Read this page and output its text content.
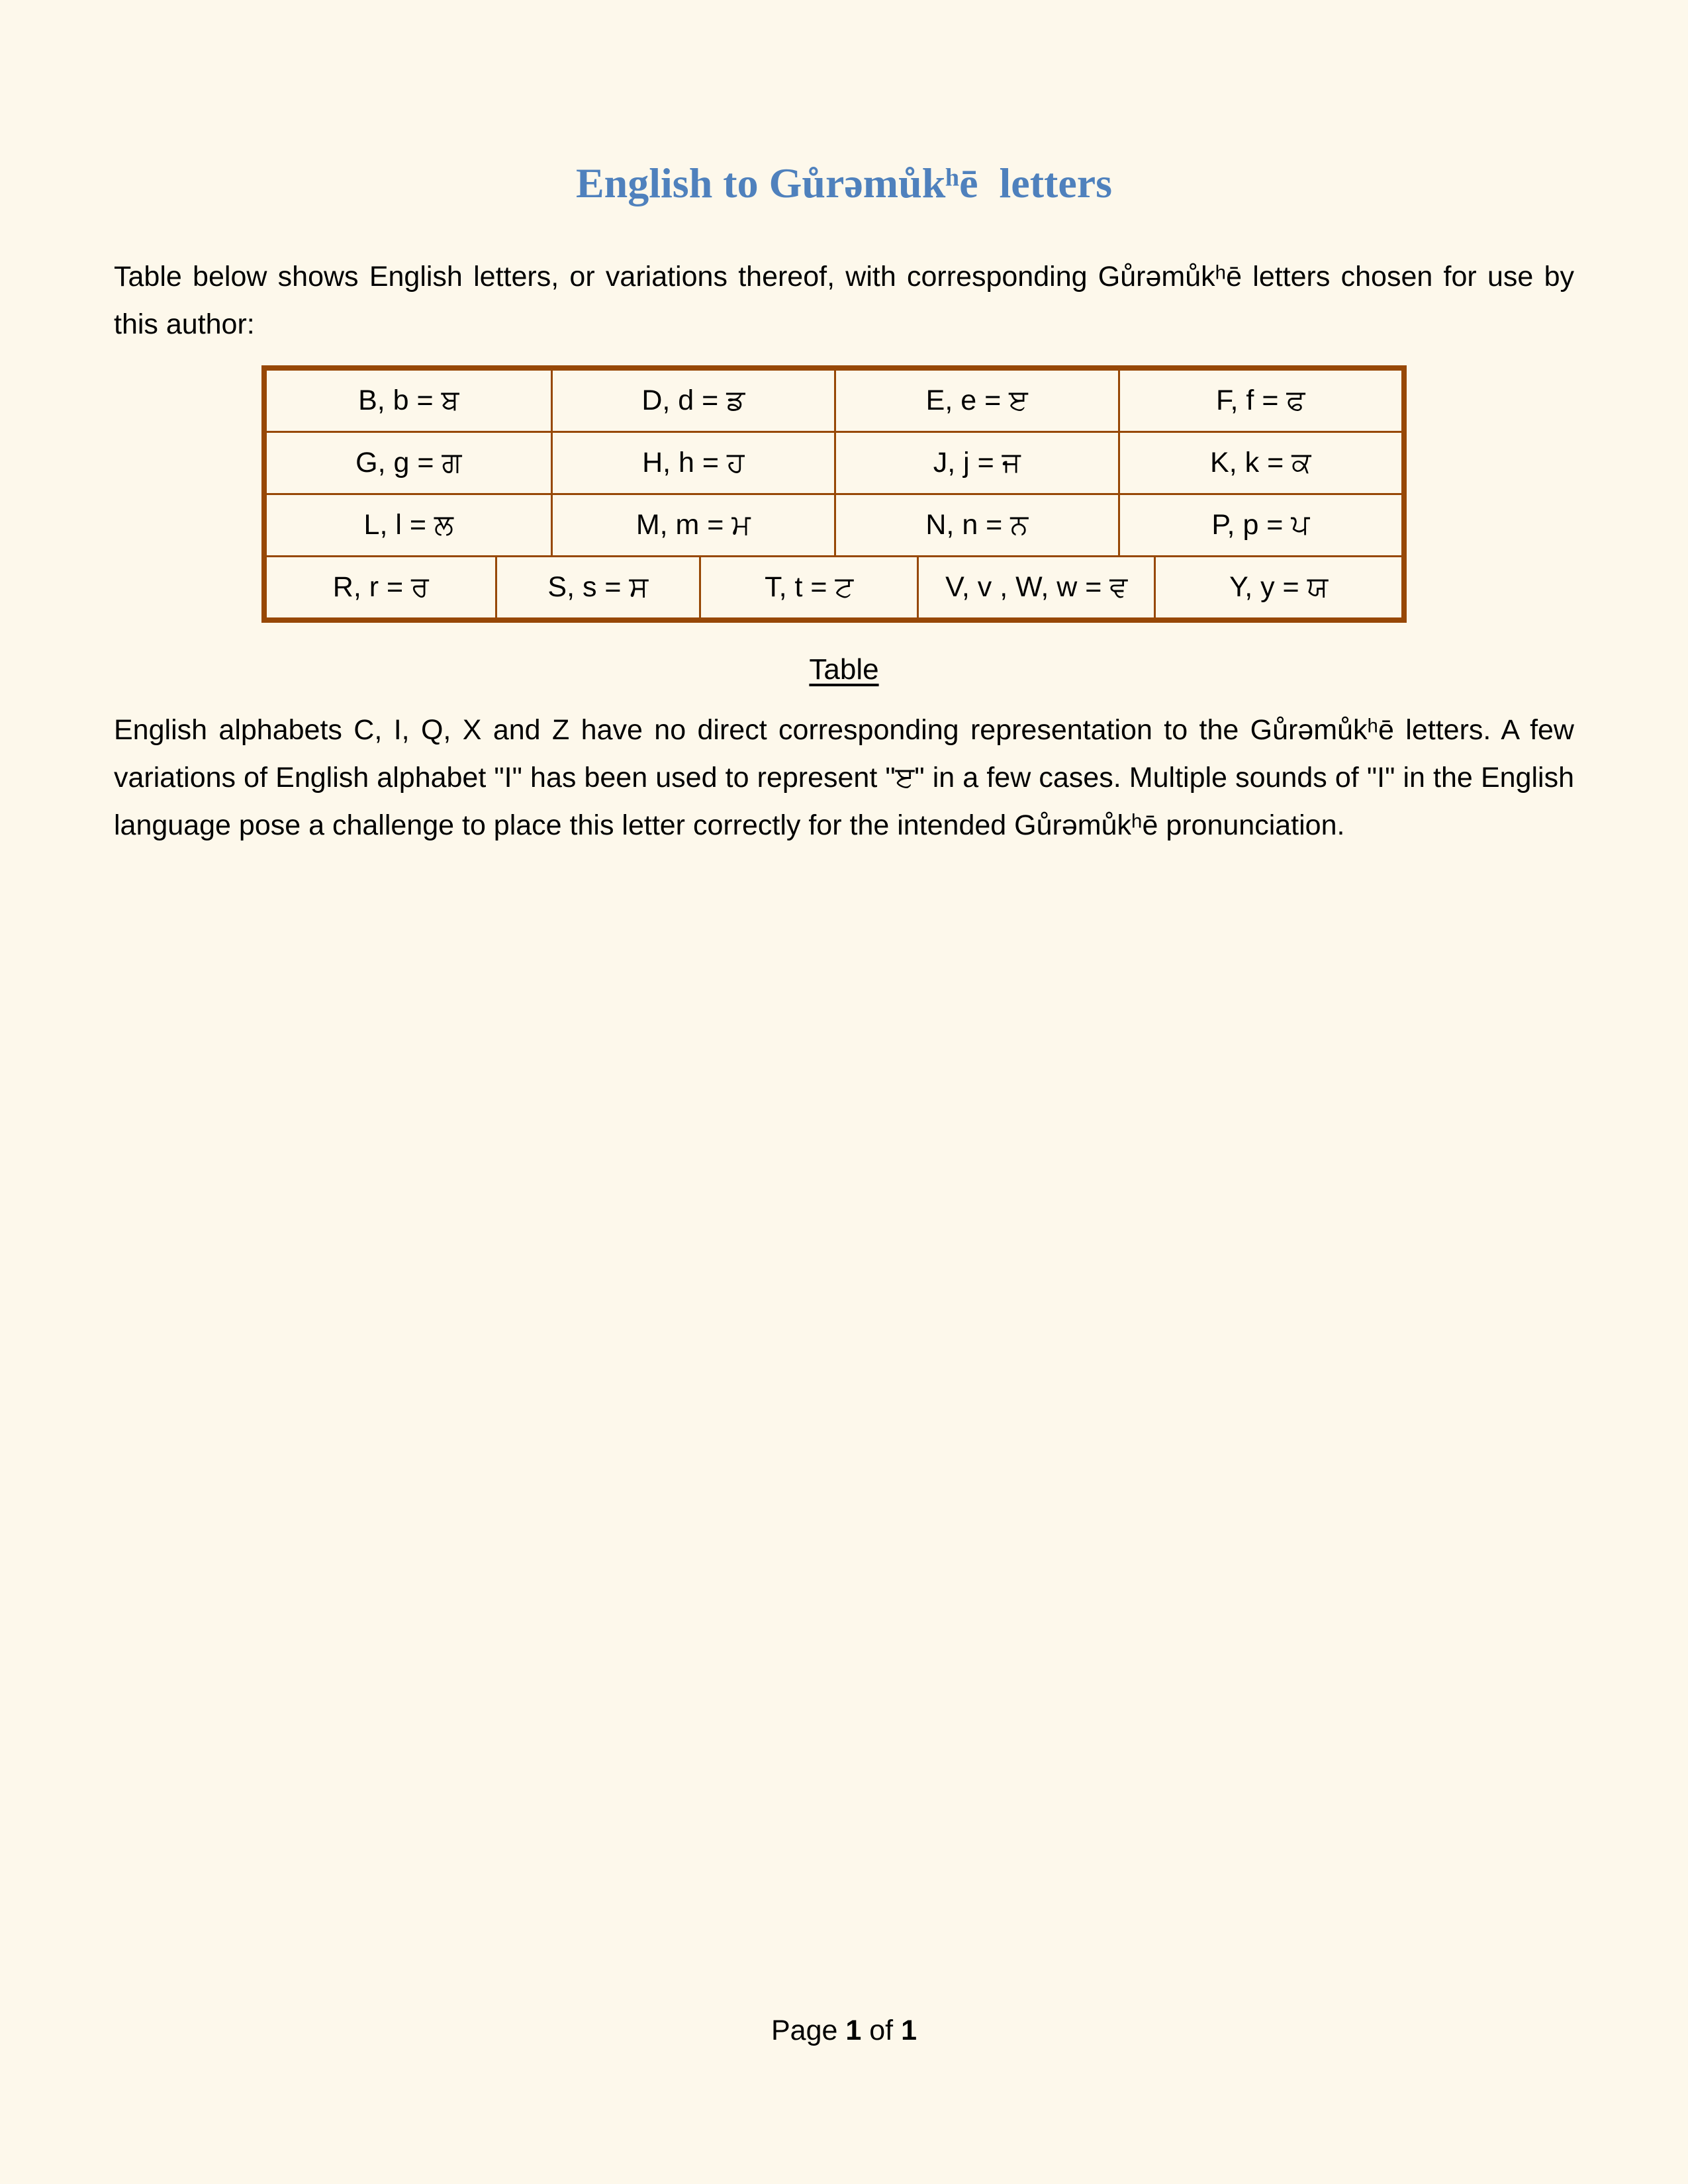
English to Gůrəmůkʰē  letters

Table below shows English letters, or variations thereof, with corresponding Gůrəmůkʰē letters chosen for use by this author:

B, b = ਬ	D, d = ਡ	E, e = ੲ	F, f = ਫ
G, g = ਗ	H, h = ਹ	J, j = ਜ	K, k = ਕ
L, l = ਲ	M, m = ਮ	N, n = ਨ	P, p = ਪ
R, r = ਰ	S, s = ਸ	T, t = ਟ	V, v , W, w = ਵ	Y, y = ਯ
Table

English alphabets C, I, Q, X and Z have no direct corresponding representation to the Gůrəmůkʰē letters. A few variations of English alphabet "I" has been used to represent "ੲ" in a few cases. Multiple sounds of "I" in the English language pose a challenge to place this letter correctly for the intended Gůrəmůkʰē pronunciation.

Page 1 of 1
